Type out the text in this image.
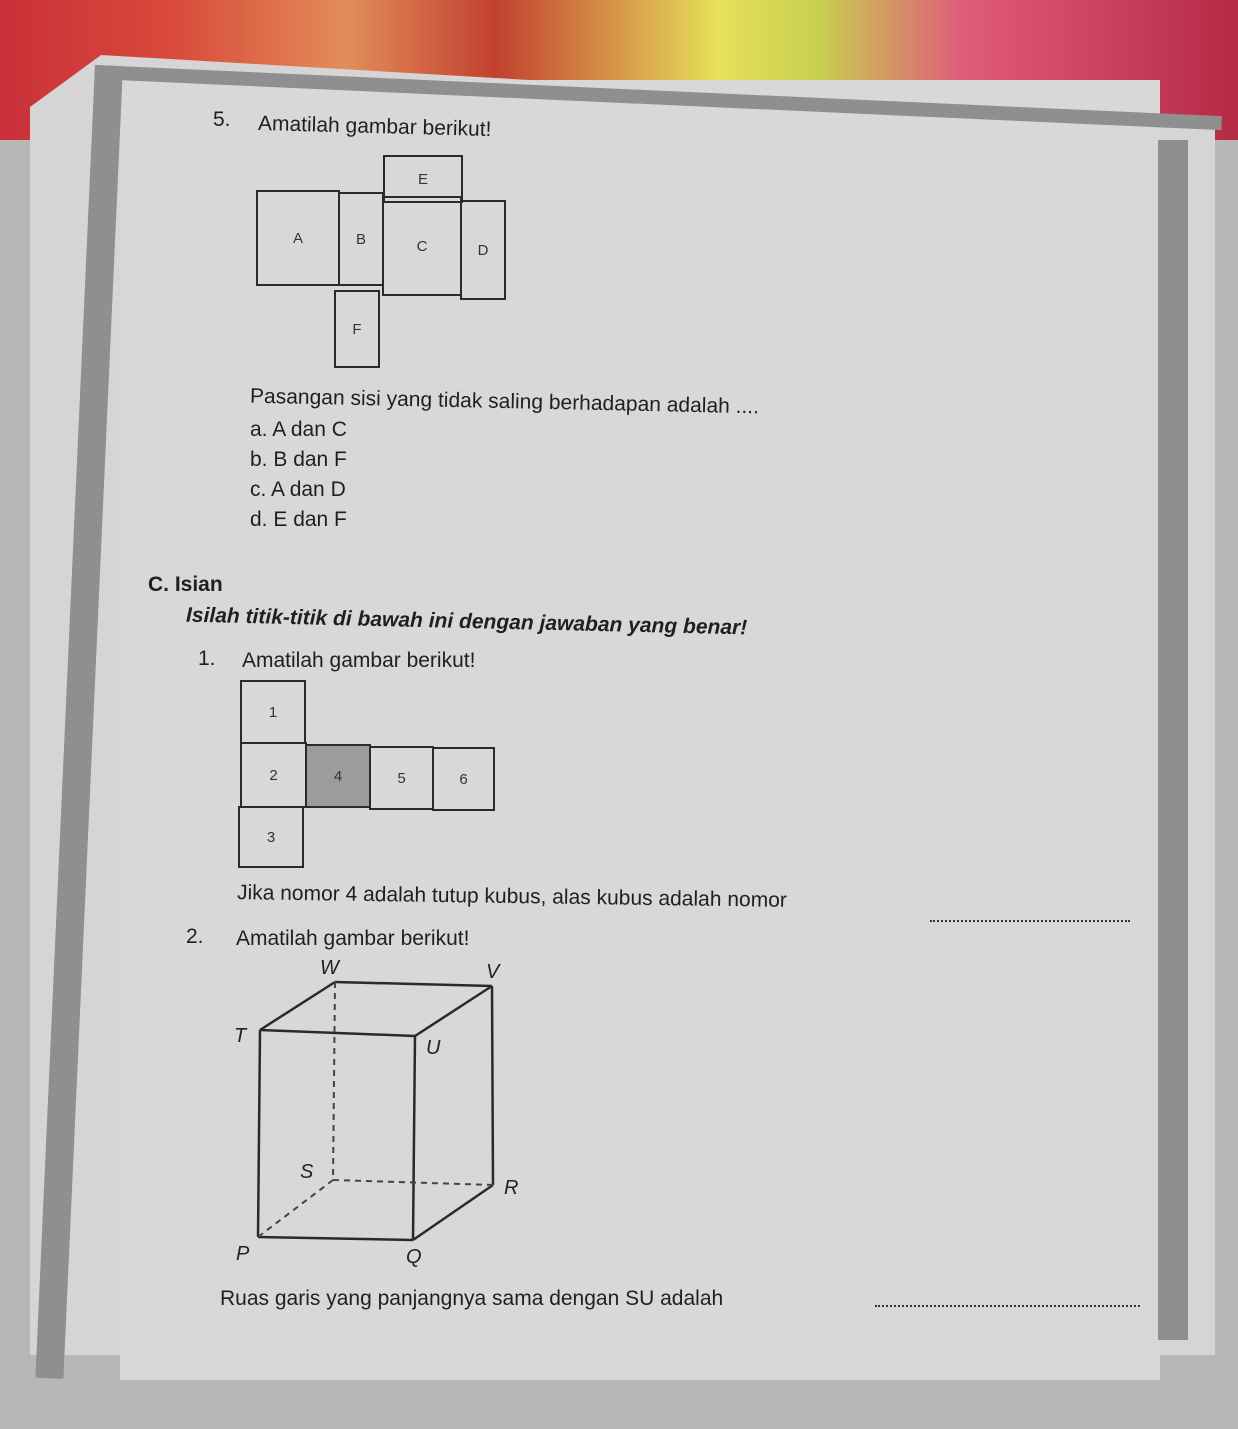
5. Amatilah gambar berikut!
E
A	B	C	D
F
Pasangan sisi yang tidak saling berhadapan adalah ....
a. A dan C
b. B dan F
c. A dan D
d. E dan F
C. Isian
Isilah titik-titik di bawah ini dengan jawaban yang benar!
1. Amatilah gambar berikut!
1
2	4	5	6
3
Jika nomor 4 adalah tutup kubus, alas kubus adalah nomor
2. Amatilah gambar berikut!
W	V
T
U
S
R
P	Q
Ruas garis yang panjangnya sama dengan SU adalah
